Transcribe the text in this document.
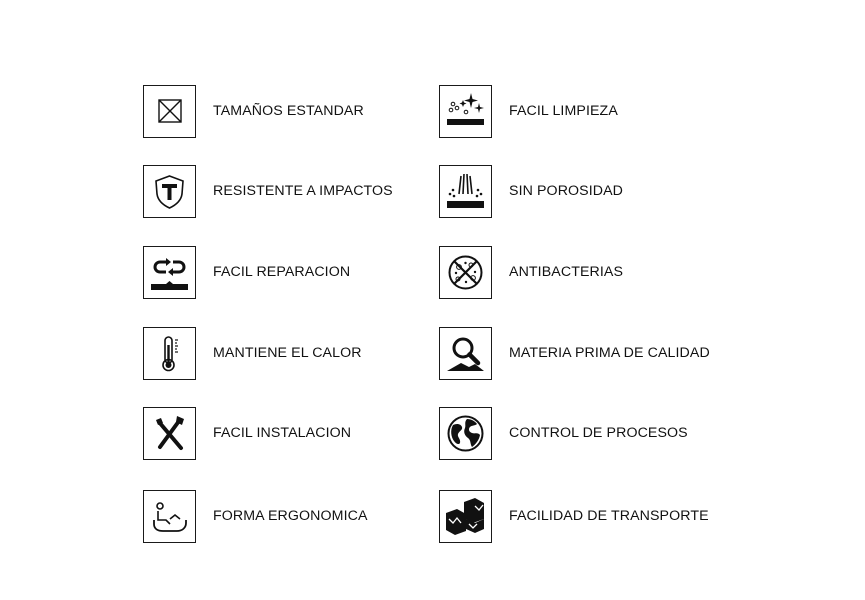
TAMAÑOS ESTANDAR
RESISTENTE A IMPACTOS
FACIL REPARACION
MANTIENE EL CALOR
FACIL INSTALACION
FORMA ERGONOMICA
FACIL LIMPIEZA
SIN POROSIDAD
ANTIBACTERIAS
MATERIA PRIMA DE CALIDAD
CONTROL DE PROCESOS
FACILIDAD DE TRANSPORTE
